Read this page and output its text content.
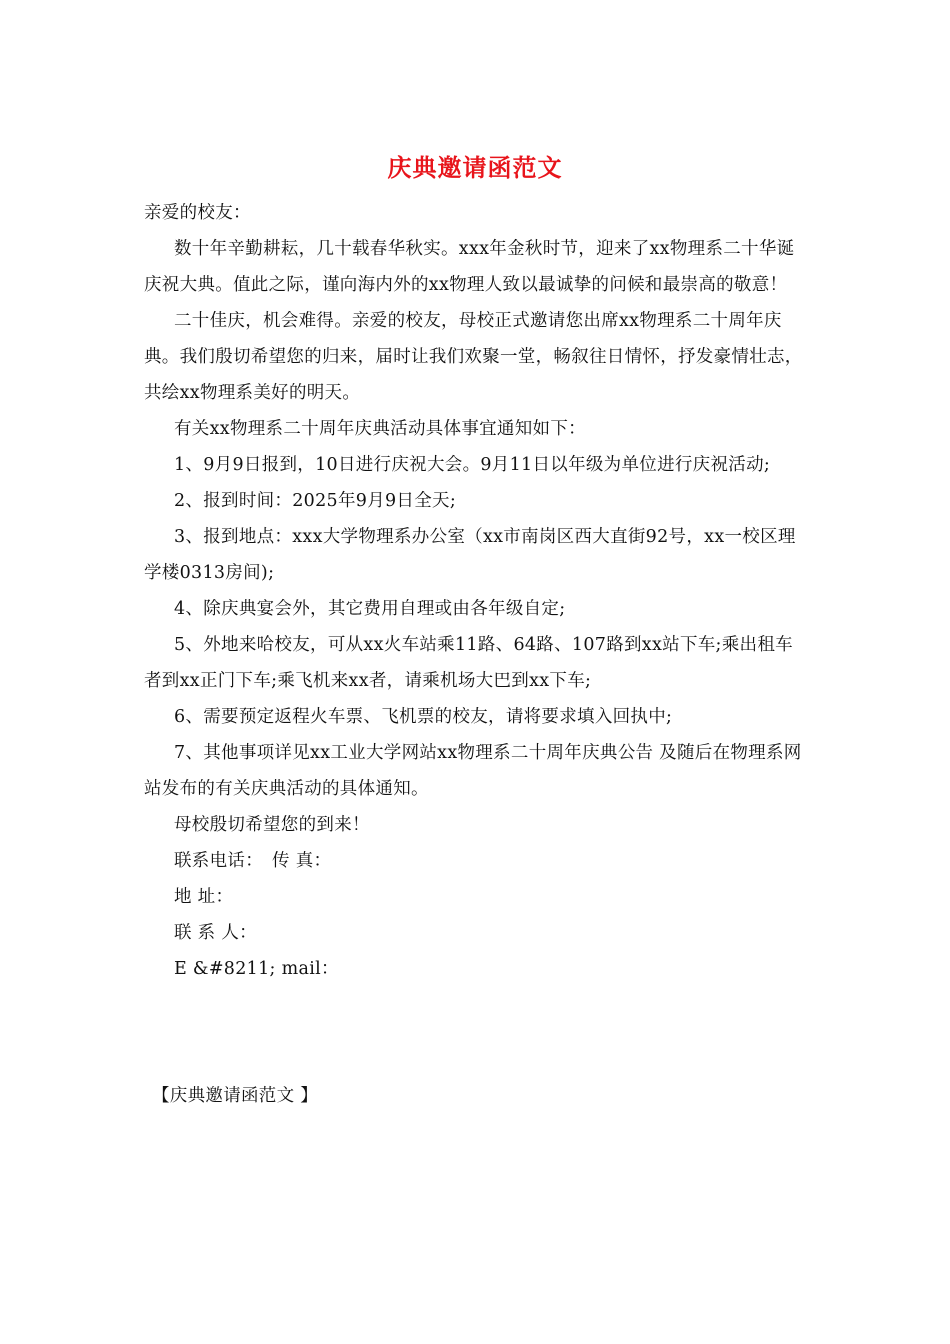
庆典邀请函范文

亲爱的校友：

数十年辛勤耕耘，几十载春华秋实。xxx年金秋时节，迎来了xx物理系二十华诞庆祝大典。值此之际，谨向海内外的xx物理人致以最诚挚的问候和最崇高的敬意！

二十佳庆，机会难得。亲爱的校友，母校正式邀请您出席xx物理系二十周年庆典。我们殷切希望您的归来，届时让我们欢聚一堂，畅叙往日情怀，抒发豪情壮志，共绘xx物理系美好的明天。

有关xx物理系二十周年庆典活动具体事宜通知如下：

1、9月9日报到，10日进行庆祝大会。9月11日以年级为单位进行庆祝活动;

2、报到时间：2025年9月9日全天;

3、报到地点：xxx大学物理系办公室（xx市南岗区西大直街92号，xx一校区理学楼0313房间);

4、除庆典宴会外，其它费用自理或由各年级自定;

5、外地来哈校友，可从xx火车站乘11路、64路、107路到xx站下车;乘出租车者到xx正门下车;乘飞机来xx者，请乘机场大巴到xx下车;

6、需要预定返程火车票、飞机票的校友，请将要求填入回执中;

7、其他事项详见xx工业大学网站xx物理系二十周年庆典公告 及随后在物理系网站发布的有关庆典活动的具体通知。

母校殷切希望您的到来！

联系电话：　传 真：

地 址：

联 系 人：

E &#8211; mail：

【庆典邀请函范文 】
